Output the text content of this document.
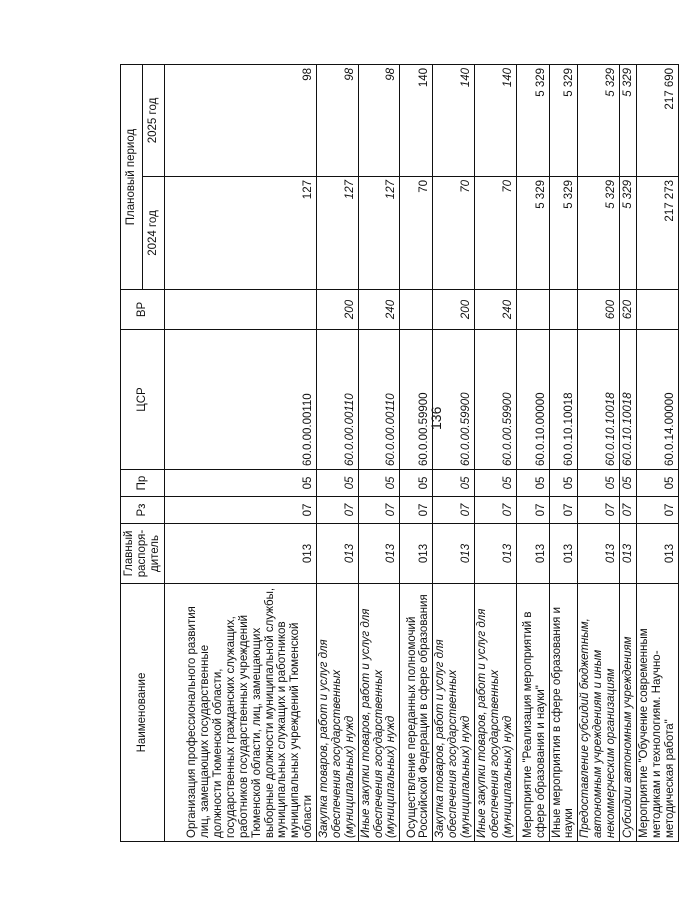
136
Наименование	Главный распоря-дитель	Рз	Пр	ЦСР	ВР	Плановый период	
						2024 год	2025 год
Организация профессионального развития лиц, замещающих государственные должности Тюменской области, государственных гражданских служащих, работников государственных учреждений Тюменской области, лиц, замещающих выборные должности муниципальной службы, муниципальных служащих и работников муниципальных учреждений Тюменской области	013	07	05	60.0.00.00110		127	98
Закупка товаров, работ и услуг для обеспечения государственных (муниципальных) нужд	013	07	05	60.0.00.00110	200	127	98
Иные закупки товаров, работ и услуг для обеспечения государственных (муниципальных) нужд	013	07	05	60.0.00.00110	240	127	98
Осуществление переданных полномочий Российской Федерации в сфере образования	013	07	05	60.0.00.59900		70	140
Закупка товаров, работ и услуг для обеспечения государственных (муниципальных) нужд	013	07	05	60.0.00.59900	200	70	140
Иные закупки товаров, работ и услуг для обеспечения государственных (муниципальных) нужд	013	07	05	60.0.00.59900	240	70	140
Мероприятие "Реализация мероприятий в сфере образования и науки"	013	07	05	60.0.10.00000		5 329	5 329
Иные мероприятия в сфере образования и науки	013	07	05	60.0.10.10018		5 329	5 329
Предоставление субсидий бюджетным, автономным учреждениям и иным некоммерческим организациям	013	07	05	60.0.10.10018	600	5 329	5 329
Субсидии автономным учреждениям	013	07	05	60.0.10.10018	620	5 329	5 329
Мероприятие "Обучение современным методикам и технологиям. Научно-методическая работа"	013	07	05	60.0.14.00000		217 273	217 690
